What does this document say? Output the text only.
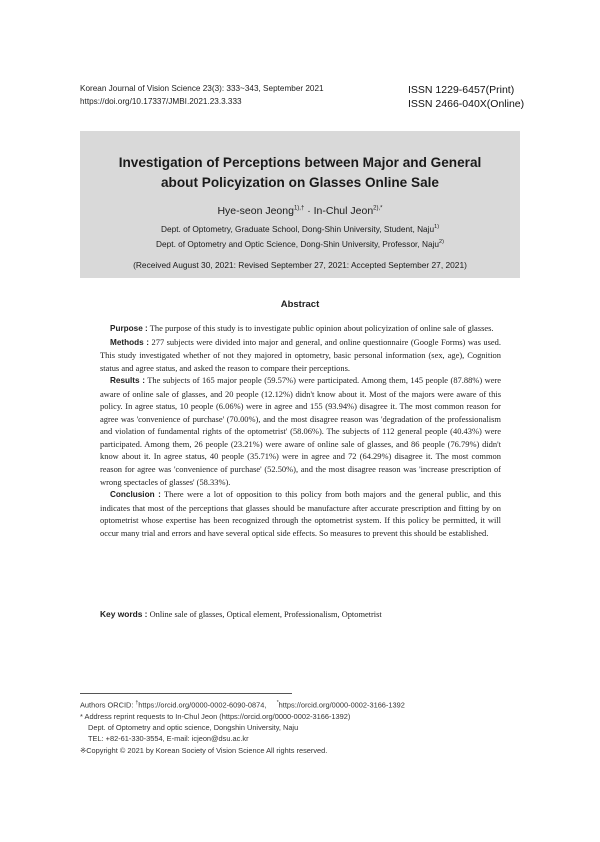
Korean Journal of Vision Science 23(3): 333~343, September 2021
https://doi.org/10.17337/JMBI.2021.23.3.333
ISSN 1229-6457(Print)
ISSN 2466-040X(Online)
Investigation of Perceptions between Major and General
about Policyization on Glasses Online Sale
Hye-seon Jeong$^{1),\dagger}$ · In-Chul Jeon$^{2),*}$
Dept. of Optometry, Graduate School, Dong-Shin University, Student, Naju$^{1)}$
Dept. of Optometry and Optic Science, Dong-Shin University, Professor, Naju$^{2)}$
(Received August 30, 2021: Revised September 27, 2021: Accepted September 27, 2021)
Abstract

Purpose : The purpose of this study is to investigate public opinion about policyization of online sale of glasses.

Methods : 277 subjects were divided into major and general, and online questionnaire (Google Forms) was used. This study investigated whether of not they majored in optometry, basic personal information (sex, age), Cognition status and agree status, and asked the reason to compare their perceptions.

Results : The subjects of 165 major people (59.57%) were participated. Among them, 145 people (87.88%) were aware of online sale of glasses, and 20 people (12.12%) didn't know about it. Most of the majors were aware of this policy. In agree status, 10 people (6.06%) were in agree and 155 (93.94%) disagree it. The most common reason for agree was 'convenience of purchase' (70.00%), and the most disagree reason was 'degradation of the professionalism and violation of fundamental rights of the optometrist' (58.06%). The subjects of 112 general people (40.43%) were participated. Among them, 26 people (23.21%) were aware of online sale of glasses, and 86 people (76.79%) didn't know about it. In agree status, 40 people (35.71%) were in agree and 72 (64.29%) disagree it. The most common reason for agree was 'convenience of purchase' (52.50%), and the most disagree reason was 'increase prescription of wrong spectacles of glasses' (58.33%).

Conclusion : There were a lot of opposition to this policy from both majors and the general public, and this indicates that most of the perceptions that glasses should be manufacture after accurate prescription and fitting by on optometrist whose expertise has been recognized through the optometrist system. If this policy be permitted, it will occur many trial and errors and have several optical side effects. So measures to prevent this should be established.

Key words : Online sale of glasses, Optical element, Professionalism, Optometrist
Authors ORCID: †https://orcid.org/0000-0002-6090-0874, *https://orcid.org/0000-0002-3166-1392
* Address reprint requests to In-Chul Jeon (https://orcid.org/0000-0002-3166-1392)
Dept. of Optometry and optic science, Dongshin University, Naju
TEL: +82-61-330-3554, E-mail: icjeon@dsu.ac.kr
※Copyright © 2021 by Korean Society of Vision Science All rights reserved.
